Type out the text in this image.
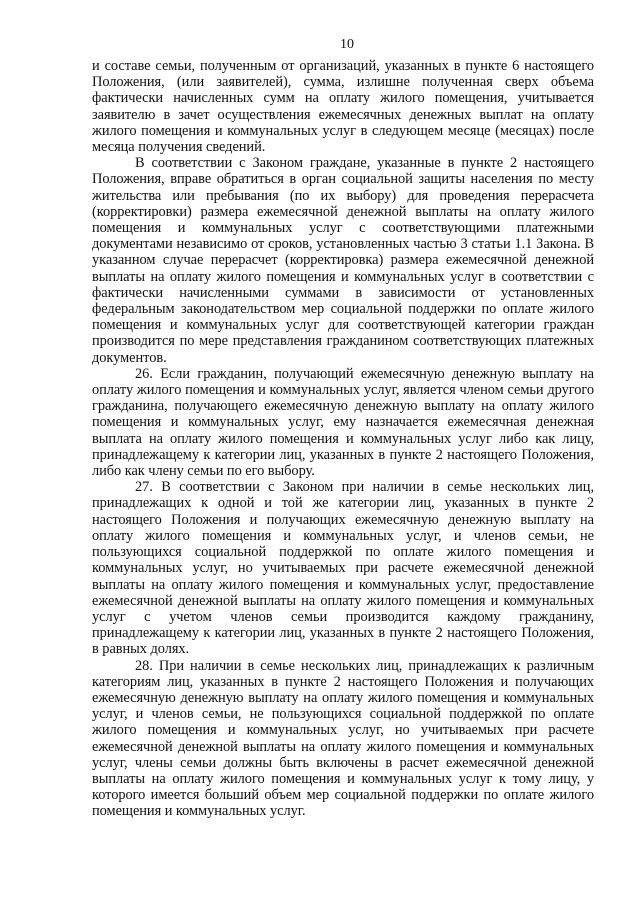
10

и составе семьи, полученным от организаций, указанных в пункте 6 настоящего Положения, (или заявителей), сумма, излишне полученная сверх объема фактически начисленных сумм на оплату жилого помещения, учитывается заявителю в зачет осуществления ежемесячных денежных выплат на оплату жилого помещения и коммунальных услуг в следующем месяце (месяцах) после месяца получения сведений.

В соответствии с Законом граждане, указанные в пункте 2 настоящего Положения, вправе обратиться в орган социальной защиты населения по месту жительства или пребывания (по их выбору) для проведения перерасчета (корректировки) размера ежемесячной денежной выплаты на оплату жилого помещения и коммунальных услуг с соответствующими платежными документами независимо от сроков, установленных частью 3 статьи 1.1 Закона. В указанном случае перерасчет (корректировка) размера ежемесячной денежной выплаты на оплату жилого помещения и коммунальных услуг в соответствии с фактически начисленными суммами в зависимости от установленных федеральным законодательством мер социальной поддержки по оплате жилого помещения и коммунальных услуг для соответствующей категории граждан производится по мере представления гражданином соответствующих платежных документов.

26. Если гражданин, получающий ежемесячную денежную выплату на оплату жилого помещения и коммунальных услуг, является членом семьи другого гражданина, получающего ежемесячную денежную выплату на оплату жилого помещения и коммунальных услуг, ему назначается ежемесячная денежная выплата на оплату жилого помещения и коммунальных услуг либо как лицу, принадлежащему к категории лиц, указанных в пункте 2 настоящего Положения, либо как члену семьи по его выбору.

27. В соответствии с Законом при наличии в семье нескольких лиц, принадлежащих к одной и той же категории лиц, указанных в пункте 2 настоящего Положения и получающих ежемесячную денежную выплату на оплату жилого помещения и коммунальных услуг, и членов семьи, не пользующихся социальной поддержкой по оплате жилого помещения и коммунальных услуг, но учитываемых при расчете ежемесячной денежной выплаты на оплату жилого помещения и коммунальных услуг, предоставление ежемесячной денежной выплаты на оплату жилого помещения и коммунальных услуг с учетом членов семьи производится каждому гражданину, принадлежащему к категории лиц, указанных в пункте 2 настоящего Положения, в равных долях.

28. При наличии в семье нескольких лиц, принадлежащих к различным категориям лиц, указанных в пункте 2 настоящего Положения и получающих ежемесячную денежную выплату на оплату жилого помещения и коммунальных услуг, и членов семьи, не пользующихся социальной поддержкой по оплате жилого помещения и коммунальных услуг, но учитываемых при расчете ежемесячной денежной выплаты на оплату жилого помещения и коммунальных услуг, члены семьи должны быть включены в расчет ежемесячной денежной выплаты на оплату жилого помещения и коммунальных услуг к тому лицу, у которого имеется больший объем мер социальной поддержки по оплате жилого помещения и коммунальных услуг.
